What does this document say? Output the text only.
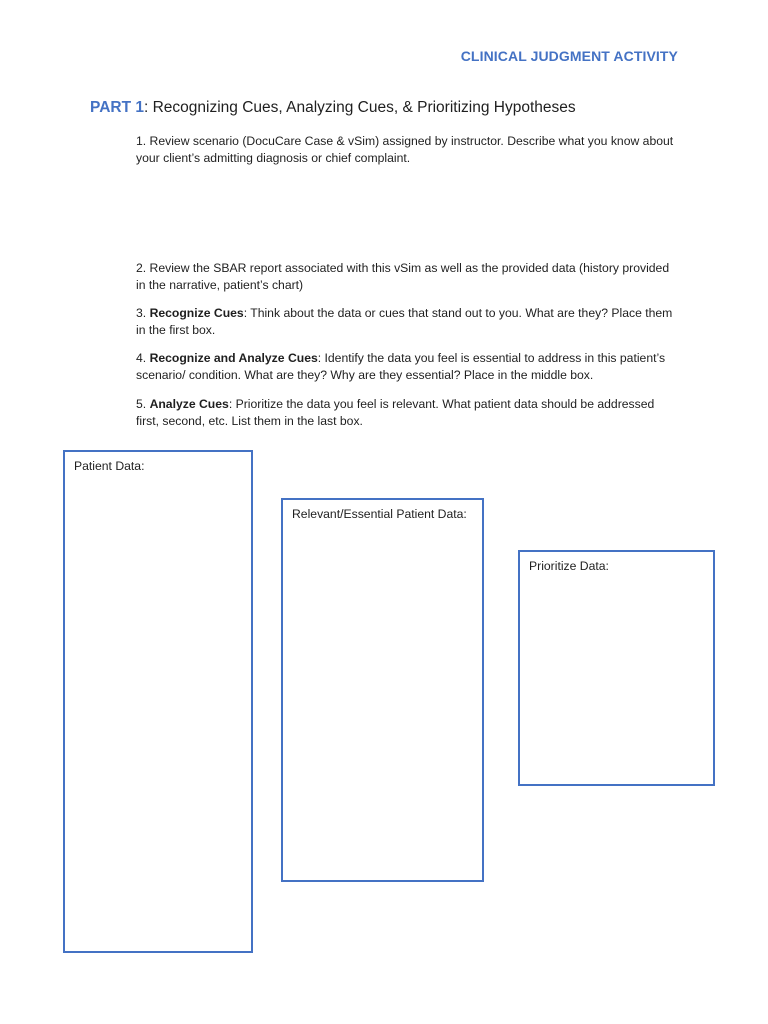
CLINICAL JUDGMENT ACTIVITY
PART 1: Recognizing Cues, Analyzing Cues, & Prioritizing Hypotheses
1. Review scenario (DocuCare Case & vSim) assigned by instructor. Describe what you know about your client’s admitting diagnosis or chief complaint.
2. Review the SBAR report associated with this vSim as well as the provided data (history provided in the narrative, patient’s chart)
3. Recognize Cues: Think about the data or cues that stand out to you. What are they? Place them in the first box.
4. Recognize and Analyze Cues: Identify the data you feel is essential to address in this patient’s scenario/ condition. What are they? Why are they essential? Place in the middle box.
5. Analyze Cues: Prioritize the data you feel is relevant. What patient data should be addressed first, second, etc. List them in the last box.
Patient Data:
Relevant/Essential Patient Data:
Prioritize Data:
